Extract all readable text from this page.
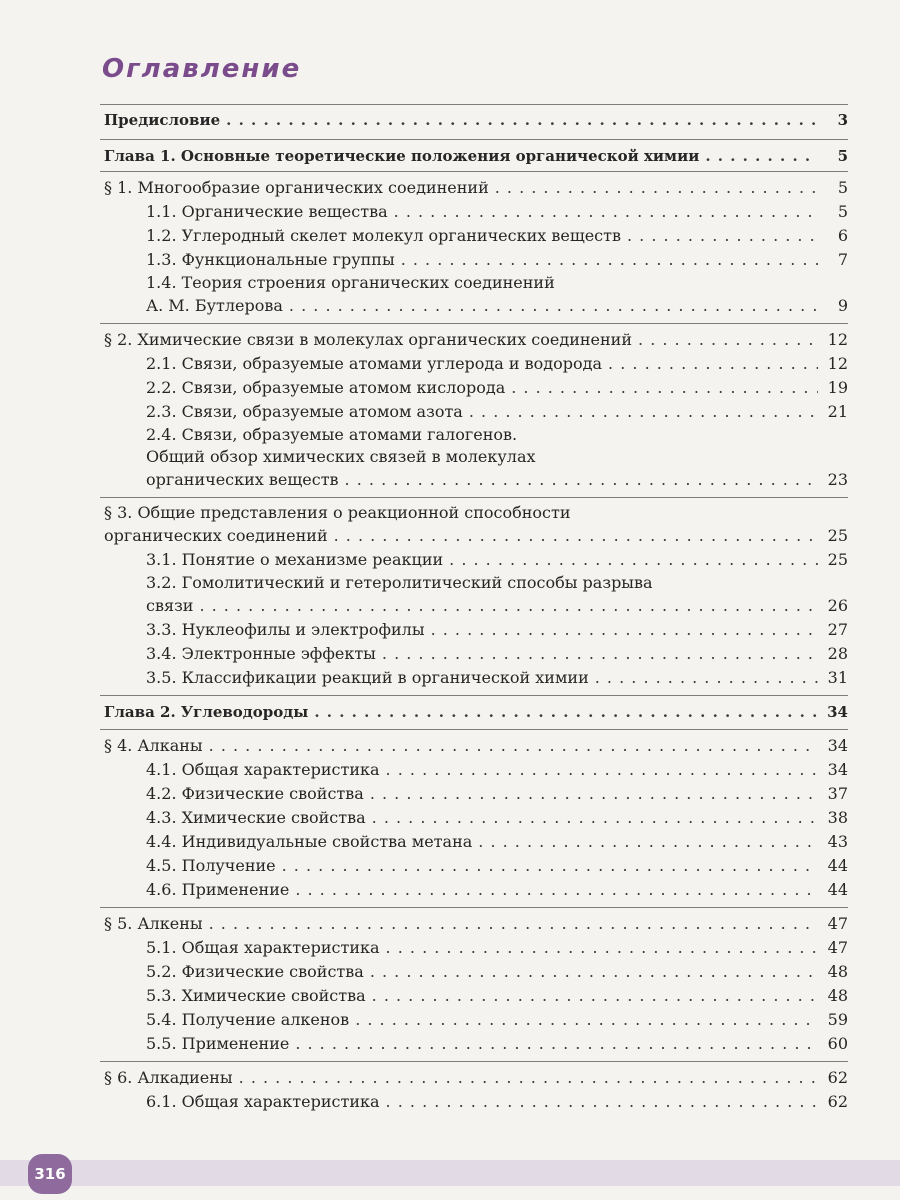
Оглавление
Предисловие . . .	3
Глава 1. Основные теоретические положения органической химии . . .	5
§ 1. Многообразие органических соединений . . .	5
1.1. Органические вещества . . .	5
1.2. Углеродный скелет молекул органических веществ . . .	6
1.3. Функциональные группы . . .	7
1.4. Теория строения органических соединений
А. М. Бутлерова . . .	9
§ 2. Химические связи в молекулах органических соединений . . .	12
2.1. Связи, образуемые атомами углерода и водорода . . .	12
2.2. Связи, образуемые атомом кислорода . . .	19
2.3. Связи, образуемые атомом азота . . .	21
2.4. Связи, образуемые атомами галогенов.
Общий обзор химических связей в молекулах
органических веществ . . .	23
§ 3. Общие представления о реакционной способности
органических соединений . . .	25
3.1. Понятие о механизме реакции . . .	25
3.2. Гомолитический и гетеролитический способы разрыва
связи . . .	26
3.3. Нуклеофилы и электрофилы . . .	27
3.4. Электронные эффекты . . .	28
3.5. Классификации реакций в органической химии . . .	31
Глава 2. Углеводороды . . .	34
§ 4. Алканы . . .	34
4.1. Общая характеристика . . .	34
4.2. Физические свойства . . .	37
4.3. Химические свойства . . .	38
4.4. Индивидуальные свойства метана . . .	43
4.5. Получение . . .	44
4.6. Применение . . .	44
§ 5. Алкены . . .	47
5.1. Общая характеристика . . .	47
5.2. Физические свойства . . .	48
5.3. Химические свойства . . .	48
5.4. Получение алкенов . . .	59
5.5. Применение . . .	60
§ 6. Алкадиены . . .	62
6.1. Общая характеристика . . .	62
316
